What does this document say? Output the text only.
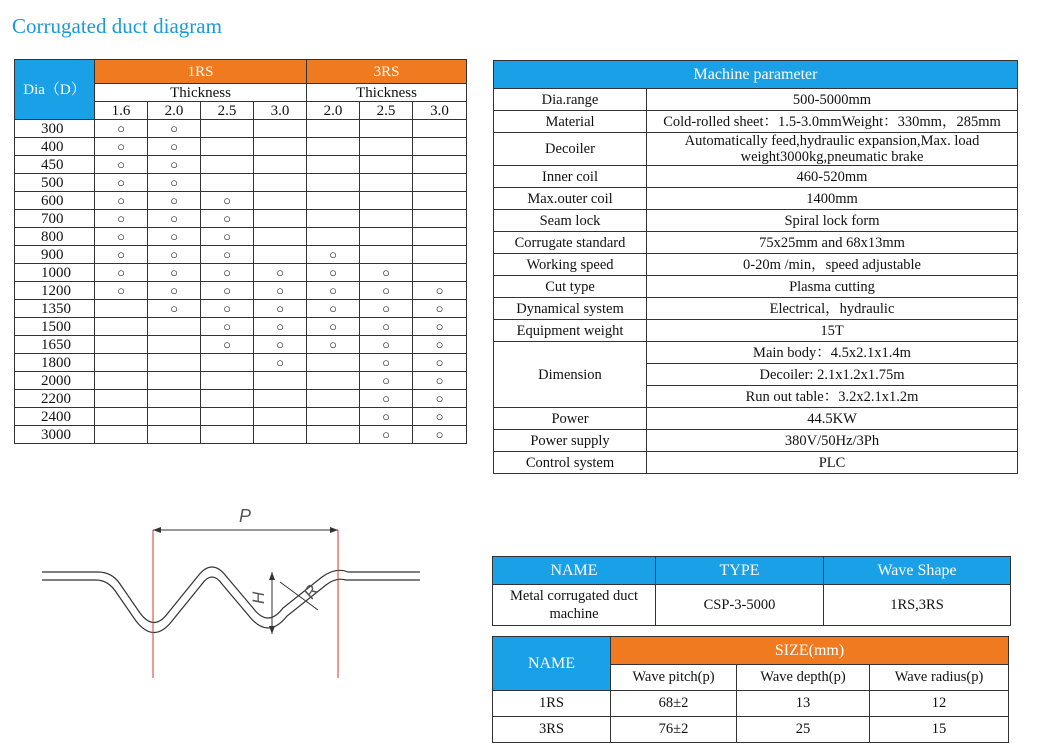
Corrugated duct diagram
Dia（D）	1RS				3RS		
	Thickness				Thickness		
	1.6	2.0	2.5	3.0	2.0	2.5	3.0
300	○	○					
400	○	○					
450	○	○					
500	○	○					
600	○	○	○				
700	○	○	○				
800	○	○	○				
900	○	○	○		○		
1000	○	○	○	○	○	○	
1200	○	○	○	○	○	○	○
1350		○	○	○	○	○	○
1500			○	○	○	○	○
1650			○	○	○	○	○
1800				○		○	○
2000						○	○
2200						○	○
2400						○	○
3000						○	○
P
H R
Machine parameter	
Dia.range	500-5000mm
Material	Cold-rolled sheet：1.5-3.0mmWeight：330mm，285mm
Decoiler	Automatically feed,hydraulic expansion,Max. load weight3000kg,pneumatic brake
Inner coil	460-520mm
Max.outer coil	1400mm
Seam lock	Spiral lock form
Corrugate standard	75x25mm and 68x13mm
Working speed	0-20m /min，speed adjustable
Cut type	Plasma cutting
Dynamical system	Electrical，hydraulic
Equipment weight	15T
Dimension	Main body：4.5x2.1x1.4m
	Decoiler: 2.1x1.2x1.75m
	Run out table：3.2x2.1x1.2m
Power	44.5KW
Power supply	380V/50Hz/3Ph
Control system	PLC
NAME	TYPE	Wave Shape
Metal corrugated duct machine	CSP-3-5000	1RS,3RS
NAME	SIZE(mm)		
	Wave pitch(p)	Wave depth(p)	Wave radius(p)
1RS	68±2	13	12
3RS	76±2	25	15
